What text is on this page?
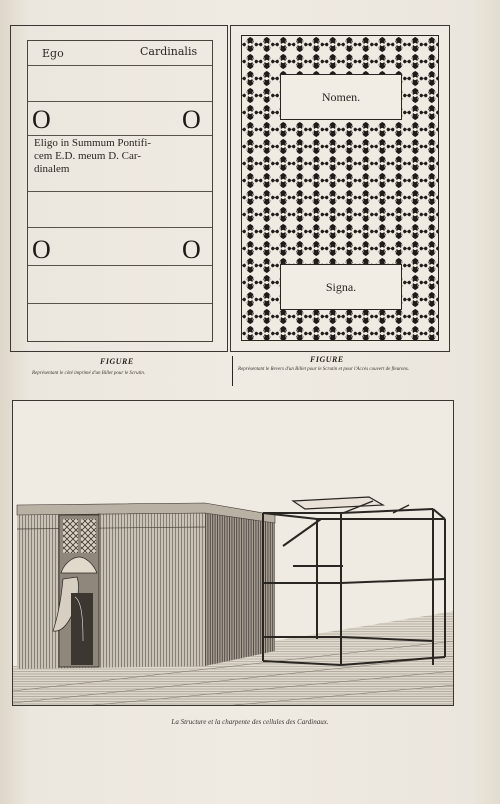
Ego	Cardinalis
O	O
Eligo in Summum Pontifi-
cem E.D. meum D. Car-
dinalem
O	O
Nomen.
Signa.
FIGURE
Représentant le côté imprimé d'un Billet pour le Scrutin.
FIGURE
Représentant le Revers d'un Billet pour le Scrutin et pour l'Accès couvert de fleurons.
La Structure et la charpente des cellules des Cardinaux.
